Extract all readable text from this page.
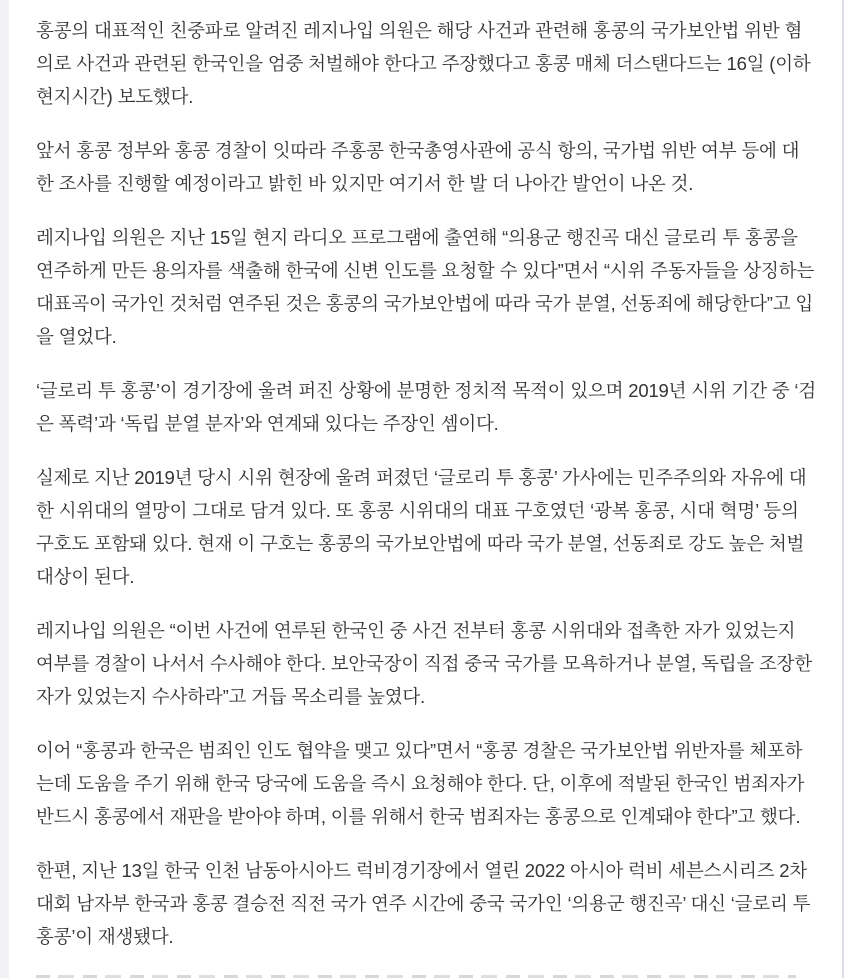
홍콩의 대표적인 친중파로 알려진 레지나입 의원은 해당 사건과 관련해 홍콩의 국가보안법 위반 혐의로 사건과 관련된 한국인을 엄중 처벌해야 한다고 주장했다고 홍콩 매체 더스탠다드는 16일 (이하 현지시간) 보도했다.

앞서 홍콩 정부와 홍콩 경찰이 잇따라 주홍콩 한국총영사관에 공식 항의, 국가법 위반 여부 등에 대한 조사를 진행할 예정이라고 밝힌 바 있지만 여기서 한 발 더 나아간 발언이 나온 것.

레지나입 의원은 지난 15일 현지 라디오 프로그램에 출연해 “의용군 행진곡 대신 글로리 투 홍콩을 연주하게 만든 용의자를 색출해 한국에 신변 인도를 요청할 수 있다”면서 “시위 주동자들을 상징하는 대표곡이 국가인 것처럼 연주된 것은 홍콩의 국가보안법에 따라 국가 분열, 선동죄에 해당한다”고 입을 열었다.

‘글로리 투 홍콩’이 경기장에 울려 퍼진 상황에 분명한 정치적 목적이 있으며 2019년 시위 기간 중 ‘검은 폭력’과 ‘독립 분열 분자’와 연계돼 있다는 주장인 셈이다.

실제로 지난 2019년 당시 시위 현장에 울려 퍼졌던 ‘글로리 투 홍콩’ 가사에는 민주주의와 자유에 대한 시위대의 열망이 그대로 담겨 있다. 또 홍콩 시위대의 대표 구호였던 ‘광복 홍콩, 시대 혁명’ 등의 구호도 포함돼 있다. 현재 이 구호는 홍콩의 국가보안법에 따라 국가 분열, 선동죄로 강도 높은 처벌 대상이 된다.

레지나입 의원은 “이번 사건에 연루된 한국인 중 사건 전부터 홍콩 시위대와 접촉한 자가 있었는지 여부를 경찰이 나서서 수사해야 한다. 보안국장이 직접 중국 국가를 모욕하거나 분열, 독립을 조장한 자가 있었는지 수사하라”고 거듭 목소리를 높였다.

이어 “홍콩과 한국은 범죄인 인도 협약을 맺고 있다”면서 “홍콩 경찰은 국가보안법 위반자를 체포하는데 도움을 주기 위해 한국 당국에 도움을 즉시 요청해야 한다. 단, 이후에 적발된 한국인 범죄자가 반드시 홍콩에서 재판을 받아야 하며, 이를 위해서 한국 범죄자는 홍콩으로 인계돼야 한다”고 했다.

한편, 지난 13일 한국 인천 남동아시아드 럭비경기장에서 열린 2022 아시아 럭비 세븐스시리즈 2차 대회 남자부 한국과 홍콩 결승전 직전 국가 연주 시간에 중국 국가인 ‘의용군 행진곡’ 대신 ‘글로리 투 홍콩’이 재생됐다.
